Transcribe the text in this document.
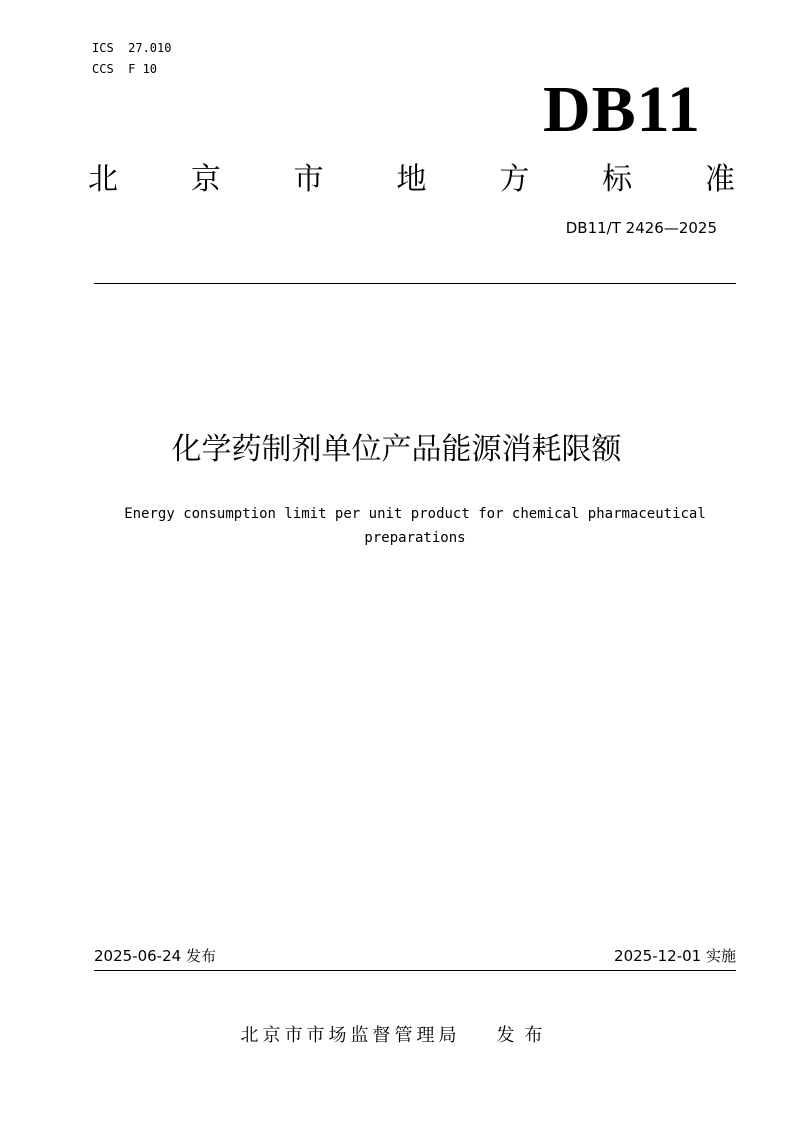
ICS  27.010
CCS  F 10
DB11
北 京 市 地 方 标 准
DB11/T 2426—2025
化学药制剂单位产品能源消耗限额
Energy consumption limit per unit product for chemical pharmaceutical preparations
2025-06-24 发布	2025-12-01 实施
北京市市场监督管理局 发布
